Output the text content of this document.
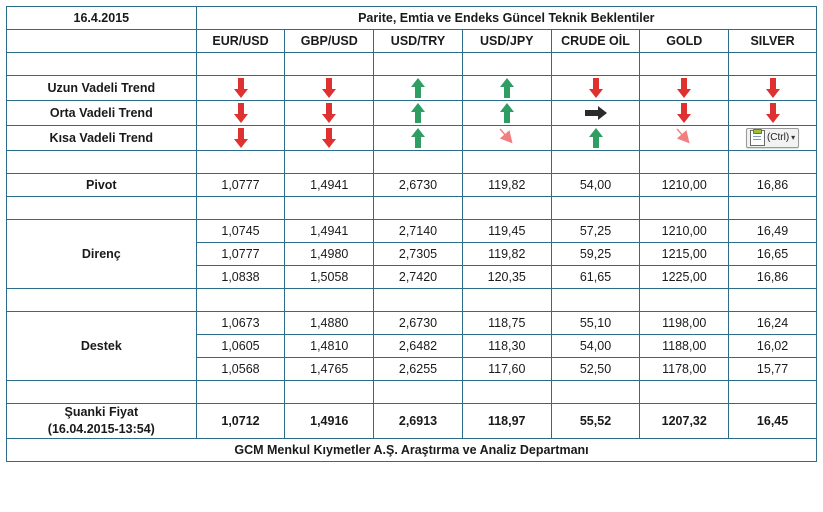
16.4.2015	Parite, Emtia ve Endeks Güncel Teknik Beklentiler						
	EUR/USD	GBP/USD	USD/TRY	USD/JPY	CRUDE OİL	GOLD	SILVER

Uzun Vadeli Trend	

Orta Vadeli Trend	

Kısa Vadeli Trend							(Ctrl) ▾

Pivot	1,0777	1,4941	2,6730	119,82	54,00	1210,00	16,86

Direnç	1,0745	1,4941	2,7140	119,45	57,25	1210,00	16,49
	1,0777	1,4980	2,7305	119,82	59,25	1215,00	16,65
	1,0838	1,5058	2,7420	120,35	61,65	1225,00	16,86

Destek	1,0673	1,4880	2,6730	118,75	55,10	1198,00	16,24
	1,0605	1,4810	2,6482	118,30	54,00	1188,00	16,02
	1,0568	1,4765	2,6255	117,60	52,50	1178,00	15,77

Şuanki Fiyat
(16.04.2015-13:54)	1,0712	1,4916	2,6913	118,97	55,52	1207,32	16,45
GCM Menkul Kıymetler A.Ş. Araştırma ve Analiz Departmanı							
